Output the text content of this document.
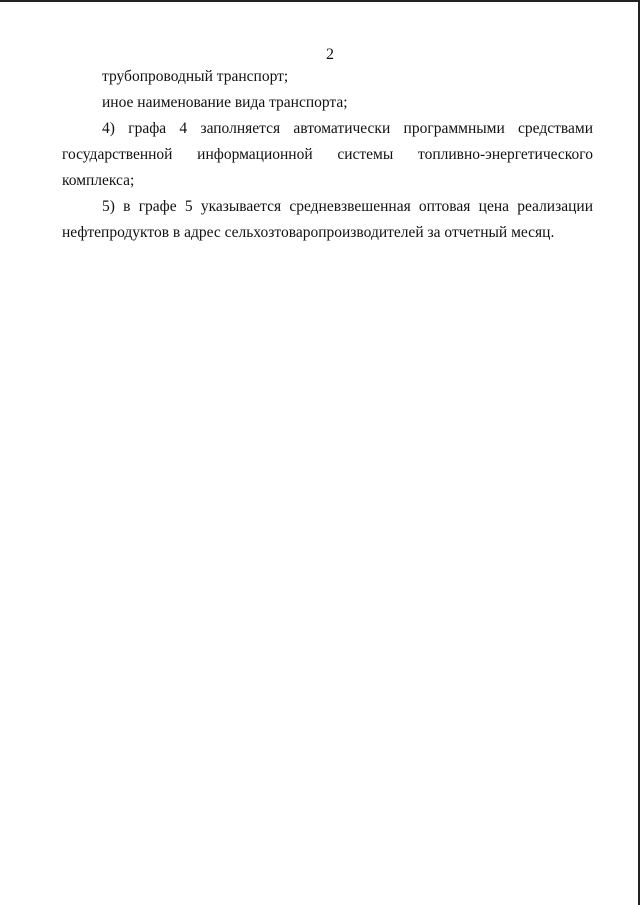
2

трубопроводный транспорт;

иное наименование вида транспорта;

4) графа 4 заполняется автоматически программными средствами государственной информационной системы топливно-энергетического комплекса;

5) в графе 5 указывается средневзвешенная оптовая цена реализации нефтепродуктов в адрес сельхозтоваропроизводителей за отчетный месяц.
